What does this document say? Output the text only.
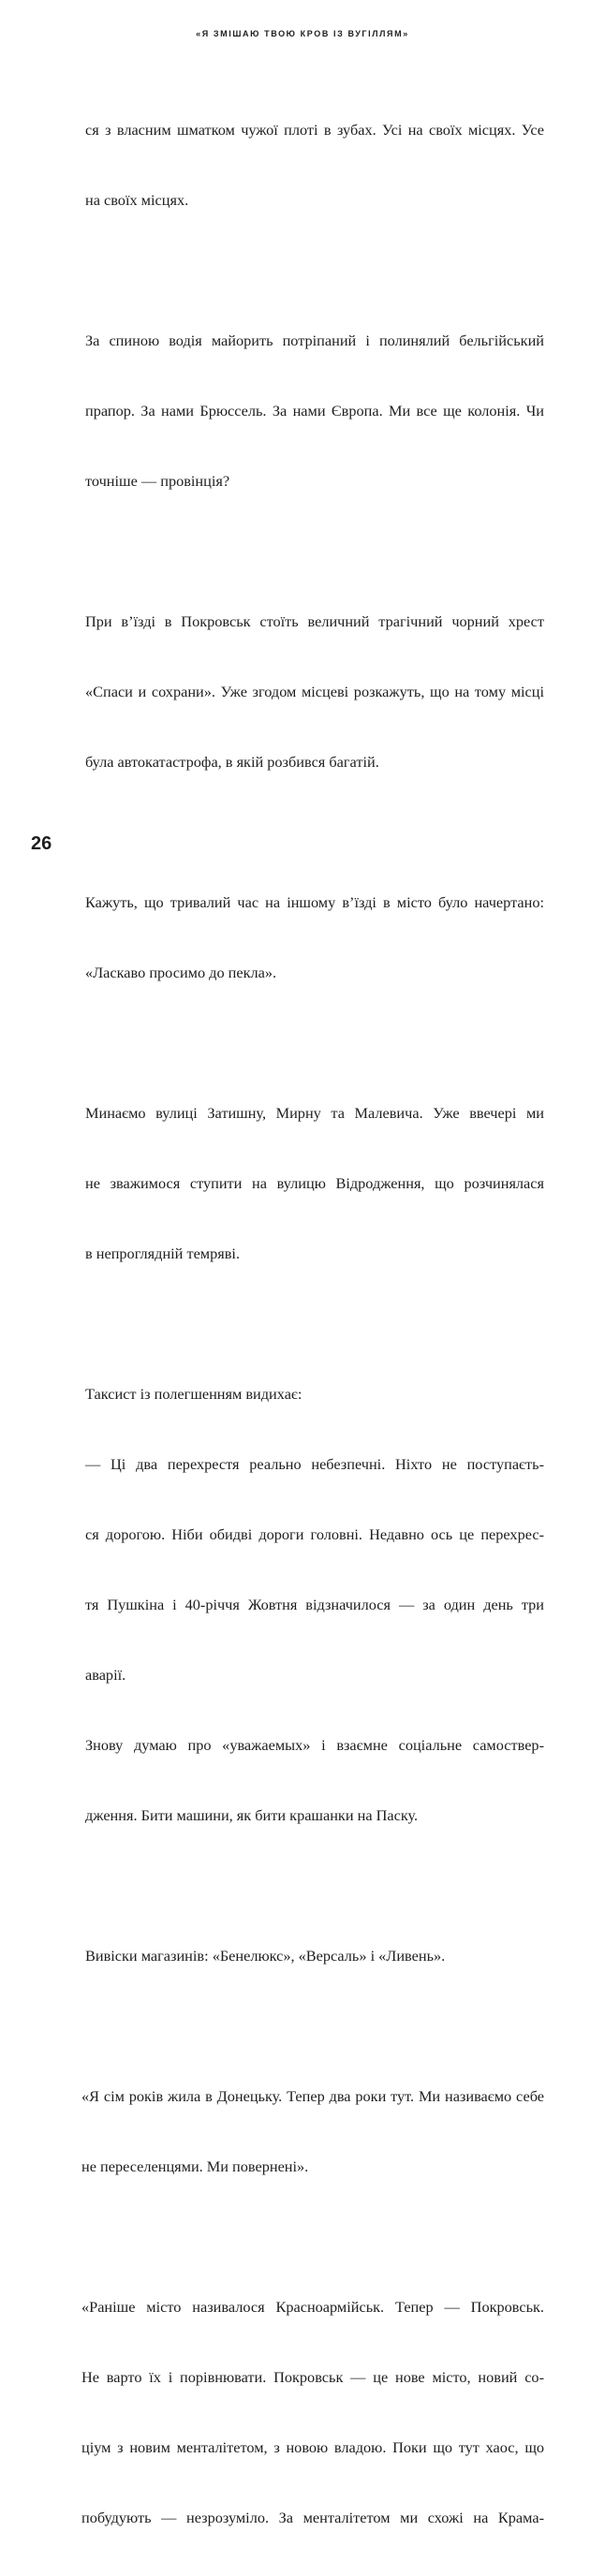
«Я ЗМІШАЮ ТВОЮ КРОВ ІЗ ВУГІЛЛЯМ»

ся з власним шматком чужої плоті в зубах. Усі на своїх місцях. Усе

на своїх місцях.

За спиною водія майорить потріпаний і полинялий бельгійський

прапор. За нами Брюссель. За нами Європа. Ми все ще колонія. Чи

точніше — провінція?

При в’їзді в Покровськ стоїть величний трагічний чорний хрест

«Спаси и сохрани». Уже згодом місцеві розкажуть, що на тому місці

була автокатастрофа, в якій розбився багатій.

Кажуть, що тривалий час на іншому в’їзді в місто було начертано:

«Ласкаво просимо до пекла».

Минаємо вулиці Затишну, Мирну та Малевича. Уже ввечері ми

не зважимося ступити на вулицю Відродження, що розчинялася

в непроглядній темряві.

Таксист із полегшенням видихає:

— Ці два перехрестя реально небезпечні. Ніхто не поступаєть-

ся дорогою. Ніби обидві дороги головні. Недавно ось це перехрес-

тя Пушкіна і 40-річчя Жовтня відзначилося — за один день три

аварії.

Знову думаю про «уважаемых» і взаємне соціальне самоствер-

дження. Бити машини, як бити крашанки на Паску.

Вивіски магазинів: «Бенелюкс», «Версаль» і «Ливень».

«Я сім років жила в Донецьку. Тепер два роки тут. Ми називаємо себе

не переселенцями. Ми повернені».

«Раніше місто називалося Красноармійськ. Тепер — Покровськ.

Не варто їх і порівнювати. Покровськ — це нове місто, новий со-

ціум з новим менталітетом, з новою владою. Поки що тут хаос, що

побудують — незрозуміло. За менталітетом ми схожі на Крама-

26
